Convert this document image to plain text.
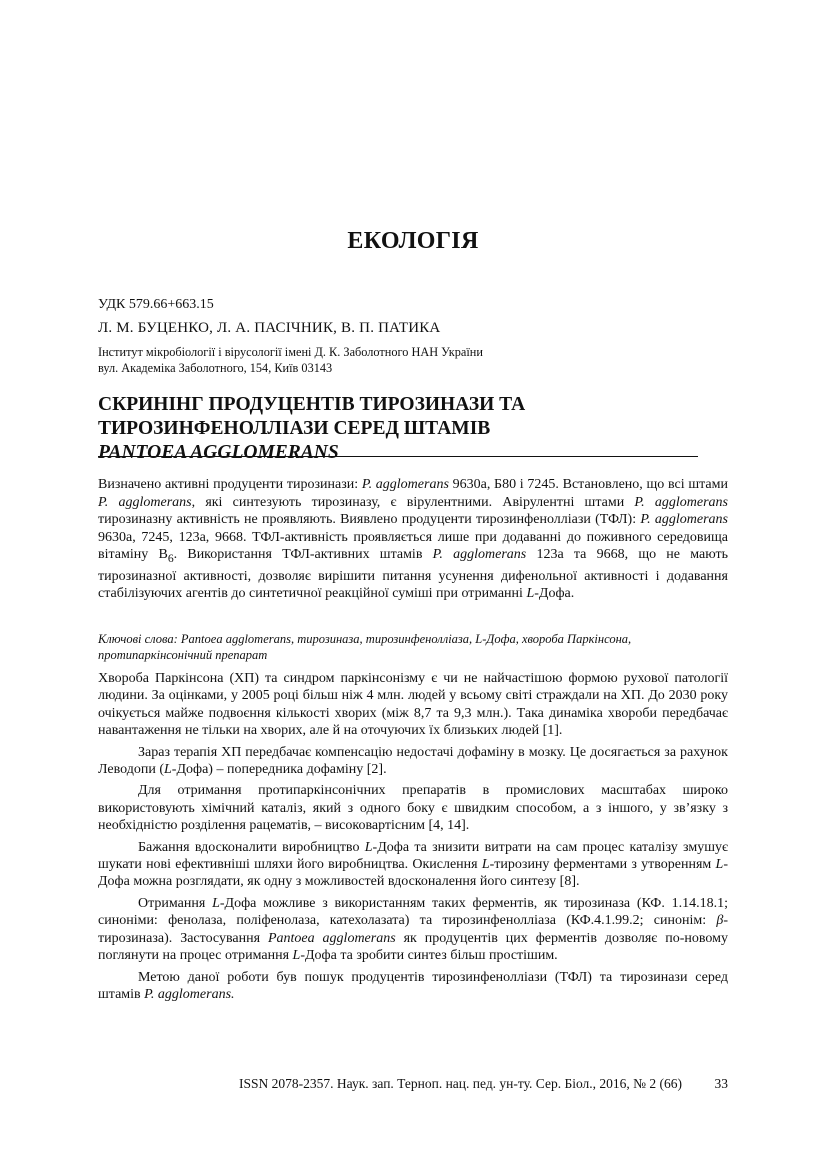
ЕКОЛОГІЯ
УДК 579.66+663.15
Л. М. БУЦЕНКО, Л. А. ПАСІЧНИК, В. П. ПАТИКА
Інститут мікробіології і вірусології імені Д. К. Заболотного НАН України
вул. Академіка Заболотного, 154, Київ 03143
СКРИНІНГ ПРОДУЦЕНТІВ ТИРОЗИНАЗИ ТА ТИРОЗИНФЕНОЛЛІАЗИ СЕРЕД ШТАМІВ
PANTOEA AGGLOMERANS
Визначено активні продуценти тирозинази: P. agglomerans 9630а, Б80 і 7245. Встановлено, що всі штами P. agglomerans, які синтезують тирозиназу, є вірулентними. Авірулентні штами P. agglomerans тирозиназну активність не проявляють. Виявлено продуценти тирозинфенолліази (ТФЛ): P. agglomerans 9630а, 7245, 123а, 9668. ТФЛ-активність проявляється лише при додаванні до поживного середовища вітаміну $В_6$. Використання ТФЛ-активних штамів P. agglomerans 123а та 9668, що не мають тирозиназної активності, дозволяє вирішити питання усунення дифенольної активності і додавання стабілізуючих агентів до синтетичної реакційної суміші при отриманні L-Дофа.
Ключові слова: Pantoea agglomerans, тирозиназа, тирозинфенолліаза, L-Дофа, хвороба Паркінсона, протипаркінсонічний препарат

Хвороба Паркінсона (ХП) та синдром паркінсонізму є чи не найчастішою формою рухової патології людини. За оцінками, у 2005 році більш ніж 4 млн. людей у всьому світі страждали на ХП. До 2030 року очікується майже подвоєння кількості хворих (між 8,7 та 9,3 млн.). Така динаміка хвороби передбачає навантаження не тільки на хворих, але й на оточуючих їх близьких людей [1].

Зараз терапія ХП передбачає компенсацію недостачі дофаміну в мозку. Це досягається за рахунок Леводопи (L-Дофа) – попередника дофаміну [2].

Для отримання протипаркінсонічних препаратів в промислових масштабах широко використовують хімічний каталіз, який з одного боку є швидким способом, а з іншого, у звʼязку з необхідністю розділення рацематів, – високовартісним [4, 14].

Бажання вдосконалити виробництво L-Дофа та знизити витрати на сам процес каталізу змушує шукати нові ефективніші шляхи його виробництва. Окислення L-тирозину ферментами з утворенням L-Дофа можна розглядати, як одну з можливостей вдосконалення його синтезу [8].

Отримання L-Дофа можливе з використанням таких ферментів, як тирозиназа (КФ. 1.14.18.1; синоніми: фенолаза, поліфенолаза, катехолазата) та тирозинфенолліаза (КФ.4.1.99.2; синонім: β- тирозиназа). Застосування Pantoea agglomerans як продуцентів цих ферментів дозволяє по-новому поглянути на процес отримання L-Дофа та зробити синтез більш простішим.

Метою даної роботи був пошук продуцентів тирозинфенолліази (ТФЛ) та тирозинази серед штамів P. agglomerans.

ISSN 2078-2357. Наук. зап. Терноп. нац. пед. ун-ту. Сер. Біол., 2016, № 2 (66) 33
